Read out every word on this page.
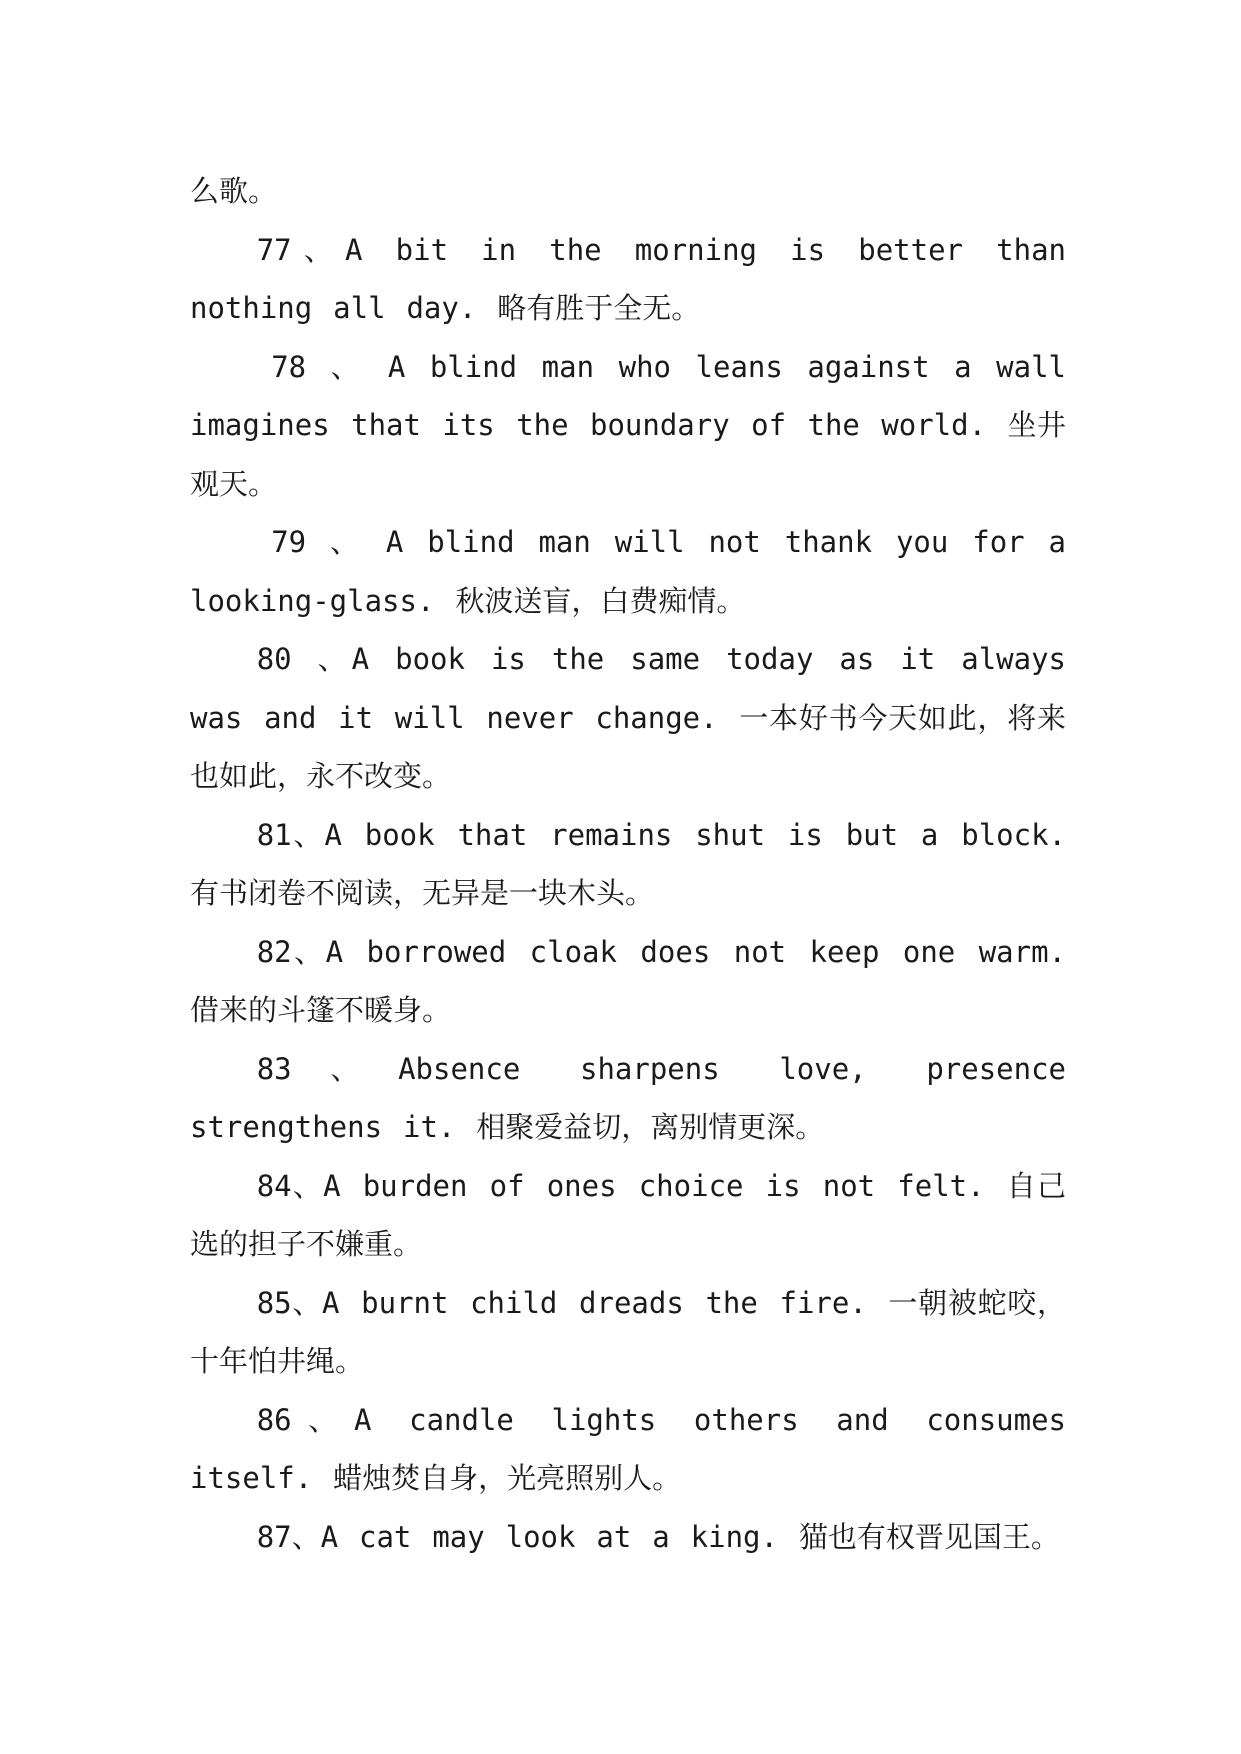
么歌。

77、A bit in the morning is better than nothing all day. 略有胜于全无。

78 、 A blind man who leans against a wall imagines that its the boundary of the world. 坐井观天。

79 、 A blind man will not thank you for a looking-glass. 秋波送盲，白费痴情。

80 、A book is the same today as it always was and it will never change. 一本好书今天如此，将来也如此，永不改变。

81、A book that remains shut is but a block. 有书闭卷不阅读，无异是一块木头。

82、A borrowed cloak does not keep one warm. 借来的斗篷不暖身。

83、Absence sharpens love, presence strengthens it. 相聚爱益切，离别情更深。

84、A burden of ones choice is not felt. 自己选的担子不嫌重。

85、A burnt child dreads the fire. 一朝被蛇咬，十年怕井绳。

86、A candle lights others and consumes itself. 蜡烛焚自身，光亮照别人。

87、A cat may look at a king. 猫也有权晋见国王。
